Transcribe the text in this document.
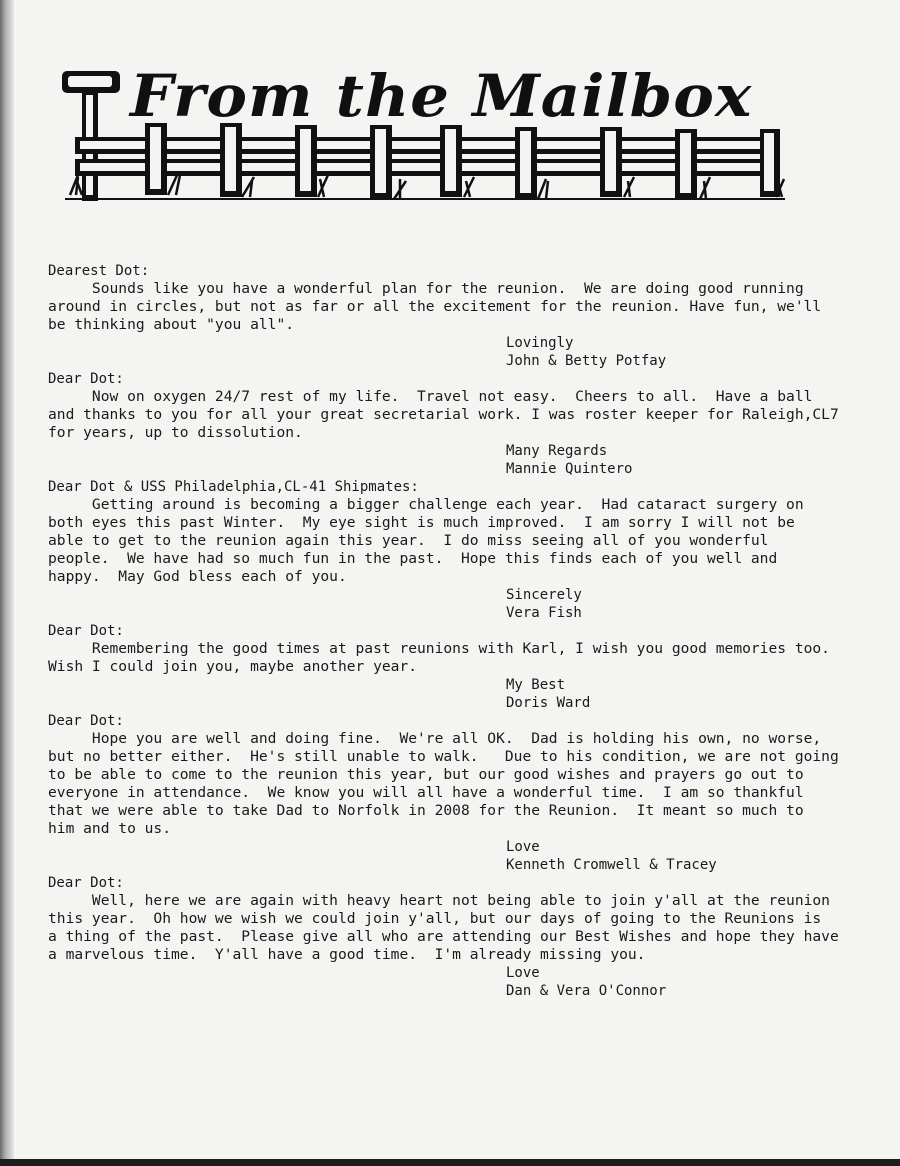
From the Mailbox
Dearest Dot:
Sounds like you have a wonderful plan for the reunion.  We are doing good running
around in circles, but not as far or all the excitement for the reunion. Have fun, we'll
be thinking about "you all".
Lovingly
John & Betty Potfay
Dear Dot:
Now on oxygen 24/7 rest of my life.  Travel not easy.  Cheers to all.  Have a ball
and thanks to you for all your great secretarial work. I was roster keeper for Raleigh,CL7
for years, up to dissolution.
Many Regards
Mannie Quintero
Dear Dot & USS Philadelphia,CL-41 Shipmates:
Getting around is becoming a bigger challenge each year.  Had cataract surgery on
both eyes this past Winter.  My eye sight is much improved.  I am sorry I will not be
able to get to the reunion again this year.  I do miss seeing all of you wonderful
people.  We have had so much fun in the past.  Hope this finds each of you well and
happy.  May God bless each of you.
Sincerely
Vera Fish
Dear Dot:
Remembering the good times at past reunions with Karl, I wish you good memories too.
Wish I could join you, maybe another year.
My Best
Doris Ward
Dear Dot:
Hope you are well and doing fine.  We're all OK.  Dad is holding his own, no worse,
but no better either.  He's still unable to walk.   Due to his condition, we are not going
to be able to come to the reunion this year, but our good wishes and prayers go out to
everyone in attendance.  We know you will all have a wonderful time.  I am so thankful
that we were able to take Dad to Norfolk in 2008 for the Reunion.  It meant so much to
him and to us.
Love
Kenneth Cromwell & Tracey
Dear Dot:
Well, here we are again with heavy heart not being able to join y'all at the reunion
this year.  Oh how we wish we could join y'all, but our days of going to the Reunions is
a thing of the past.  Please give all who are attending our Best Wishes and hope they have
a marvelous time.  Y'all have a good time.  I'm already missing you.
Love
Dan & Vera O'Connor
